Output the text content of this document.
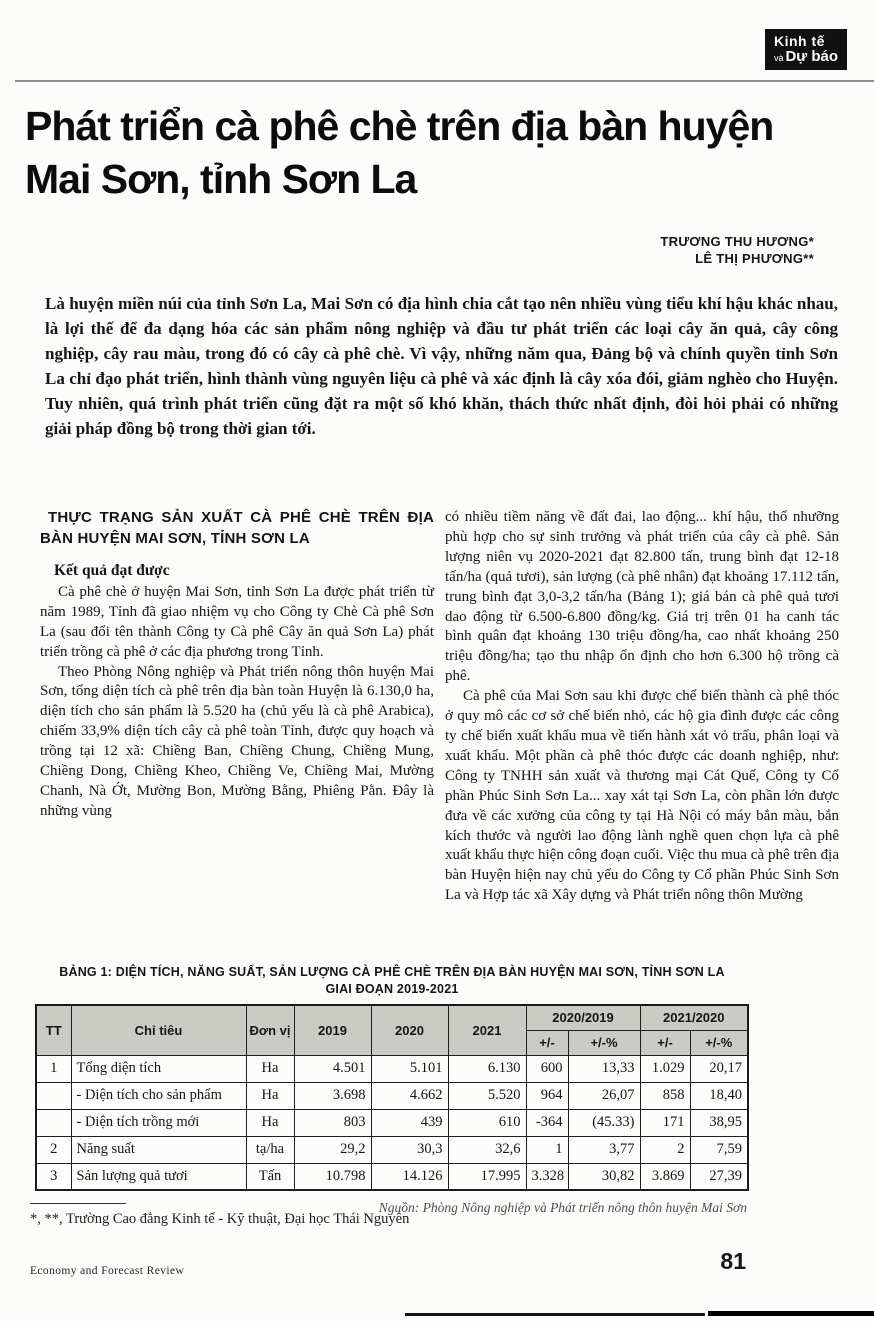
Kinh tế
và Dự báo
Phát triển cà phê chè trên địa bàn huyện Mai Sơn, tỉnh Sơn La
TRƯƠNG THU HƯƠNG*
LÊ THỊ PHƯƠNG**
Là huyện miền núi của tỉnh Sơn La, Mai Sơn có địa hình chia cắt tạo nên nhiều vùng tiểu khí hậu khác nhau, là lợi thế để đa dạng hóa các sản phẩm nông nghiệp và đầu tư phát triển các loại cây ăn quả, cây công nghiệp, cây rau màu, trong đó có cây cà phê chè. Vì vậy, những năm qua, Đảng bộ và chính quyền tỉnh Sơn La chỉ đạo phát triển, hình thành vùng nguyên liệu cà phê và xác định là cây xóa đói, giảm nghèo cho Huyện. Tuy nhiên, quá trình phát triển cũng đặt ra một số khó khăn, thách thức nhất định, đòi hỏi phải có những giải pháp đồng bộ trong thời gian tới.
THỰC TRẠNG SẢN XUẤT CÀ PHÊ CHÈ TRÊN ĐỊA BÀN HUYỆN MAI SƠN, TỈNH SƠN LA
Kết quả đạt được

Cà phê chè ở huyện Mai Sơn, tỉnh Sơn La được phát triển từ năm 1989, Tỉnh đã giao nhiệm vụ cho Công ty Chè Cà phê Sơn La (sau đổi tên thành Công ty Cà phê Cây ăn quả Sơn La) phát triển trồng cà phê ở các địa phương trong Tỉnh.

Theo Phòng Nông nghiệp và Phát triển nông thôn huyện Mai Sơn, tổng diện tích cà phê trên địa bàn toàn Huyện là 6.130,0 ha, diện tích cho sản phẩm là 5.520 ha (chủ yếu là cà phê Arabica), chiếm 33,9% diện tích cây cà phê toàn Tỉnh, được quy hoạch và trồng tại 12 xã: Chiềng Ban, Chiềng Chung, Chiềng Mung, Chiềng Dong, Chiềng Kheo, Chiềng Ve, Chiềng Mai, Mường Chanh, Nà Ớt, Mường Bon, Mường Bằng, Phiêng Pằn. Đây là những vùng

có nhiều tiềm năng về đất đai, lao động... khí hậu, thổ nhưỡng phù hợp cho sự sinh trưởng và phát triển của cây cà phê. Sản lượng niên vụ 2020-2021 đạt 82.800 tấn, trung bình đạt 12-18 tấn/ha (quả tươi), sản lượng (cà phê nhân) đạt khoảng 17.112 tấn, trung bình đạt 3,0-3,2 tấn/ha (Bảng 1); giá bán cà phê quả tươi dao động từ 6.500-6.800 đồng/kg. Giá trị trên 01 ha canh tác bình quân đạt khoảng 130 triệu đồng/ha, cao nhất khoảng 250 triệu đồng/ha; tạo thu nhập ổn định cho hơn 6.300 hộ trồng cà phê.

Cà phê của Mai Sơn sau khi được chế biến thành cà phê thóc ở quy mô các cơ sở chế biến nhỏ, các hộ gia đình được các công ty chế biến xuất khẩu mua về tiến hành xát vỏ trấu, phân loại và xuất khẩu. Một phần cà phê thóc được các doanh nghiệp, như: Công ty TNHH sản xuất và thương mại Cát Quế, Công ty Cổ phần Phúc Sinh Sơn La... xay xát tại Sơn La, còn phần lớn được đưa về các xưởng của công ty tại Hà Nội có máy bắn màu, bắn kích thước và người lao động lành nghề quen chọn lựa cà phê xuất khẩu thực hiện công đoạn cuối. Việc thu mua cà phê trên địa bàn Huyện hiện nay chủ yếu do Công ty Cổ phần Phúc Sinh Sơn La và Hợp tác xã Xây dựng và Phát triển nông thôn Mường

BẢNG 1: DIỆN TÍCH, NĂNG SUẤT, SẢN LƯỢNG CÀ PHÊ CHÈ TRÊN ĐỊA BÀN HUYỆN MAI SƠN, TỈNH SƠN LA
GIAI ĐOẠN 2019-2021
TT	Chỉ tiêu	Đơn vị	2019	2020	2021	2020/2019		2021/2020	
						+/-	+/-%	+/-	+/-%
1	Tổng diện tích	Ha	4.501	5.101	6.130	600	13,33	1.029	20,17
	- Diện tích cho sản phẩm	Ha	3.698	4.662	5.520	964	26,07	858	18,40
	- Diện tích trồng mới	Ha	803	439	610	-364	(45.33)	171	38,95
2	Năng suất	tạ/ha	29,2	30,3	32,6	1	3,77	2	7,59
3	Sản lượng quả tươi	Tấn	10.798	14.126	17.995	3.328	30,82	3.869	27,39
Nguồn: Phòng Nông nghiệp và Phát triển nông thôn huyện Mai Sơn
*, **, Trường Cao đẳng Kinh tế - Kỹ thuật, Đại học Thái Nguyên
Economy and Forecast Review	81
